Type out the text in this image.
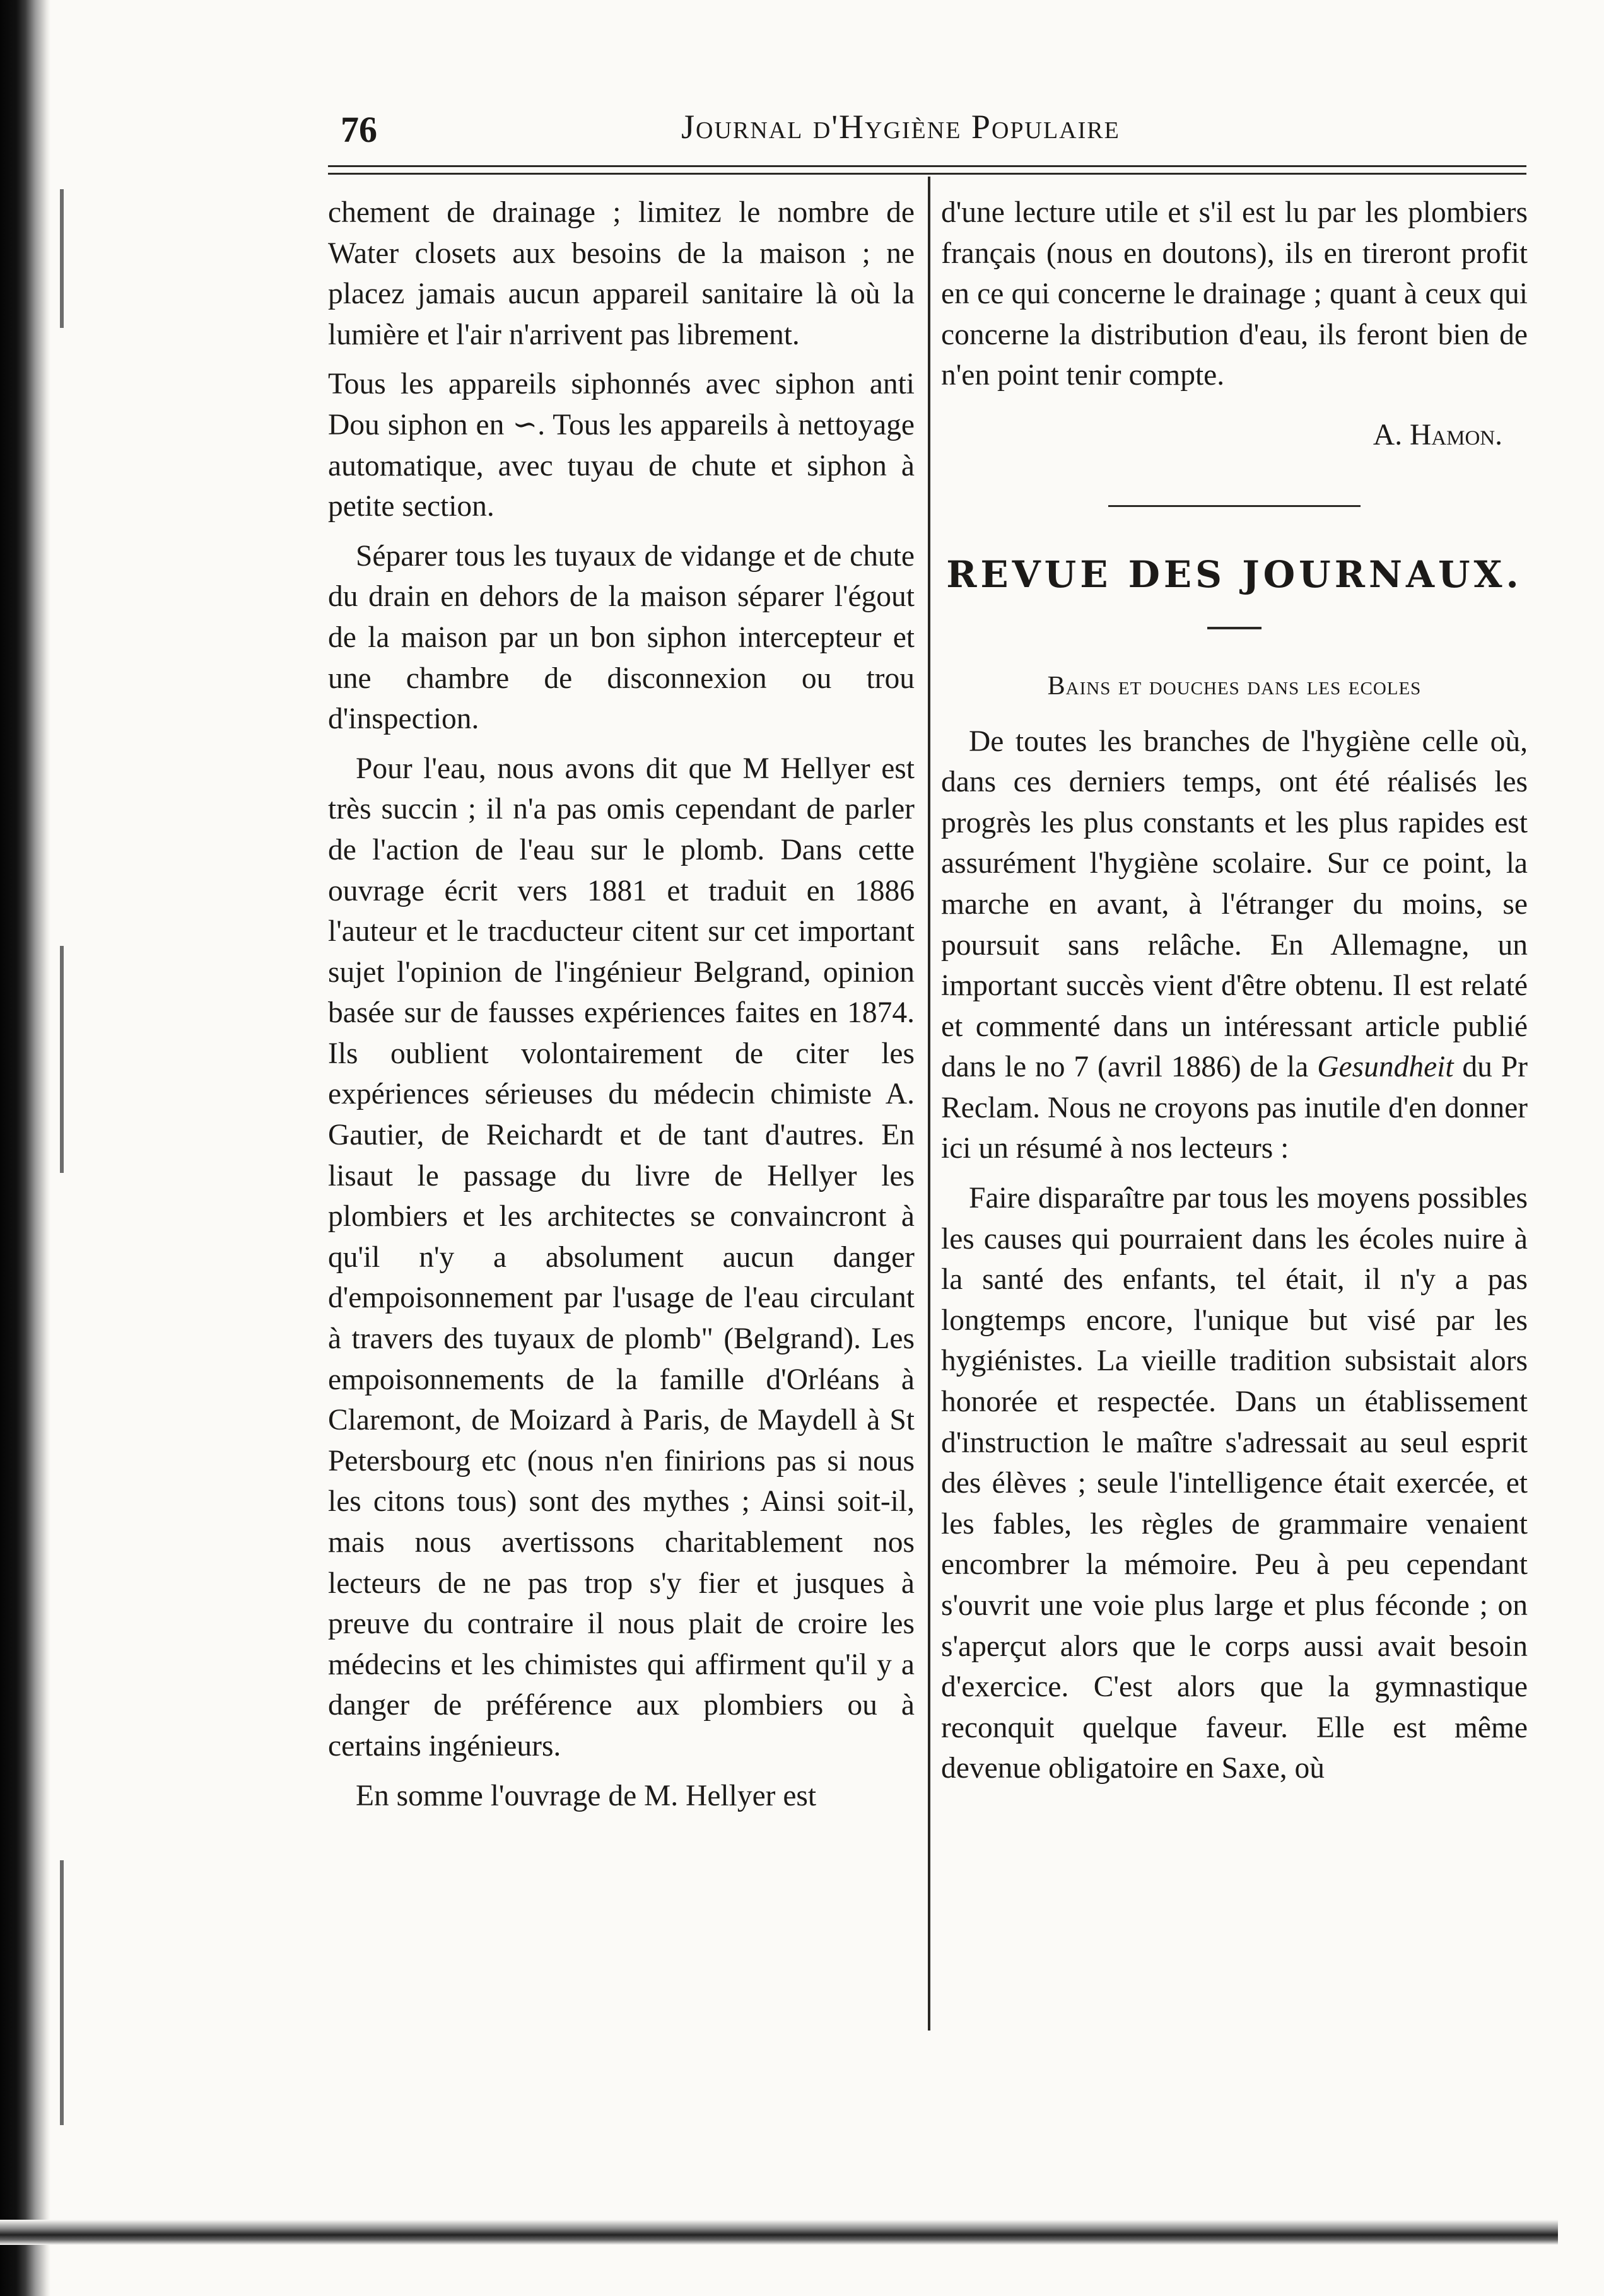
76	Journal d'Hygiène Populaire

chement de drainage ; limitez le nombre de Water closets aux besoins de la maison ; ne placez jamais aucun appareil sanitaire là où la lumière et l'air n'arrivent pas librement.

Tous les appareils siphonnés avec siphon anti Dou siphon en ∽. Tous les appareils à nettoyage automatique, avec tuyau de chute et siphon à petite section.

Séparer tous les tuyaux de vidange et de chute du drain en dehors de la maison séparer l'égout de la maison par un bon siphon intercepteur et une chambre de disconnexion ou trou d'inspection.

Pour l'eau, nous avons dit que M Hellyer est très succin ; il n'a pas omis cependant de parler de l'action de l'eau sur le plomb. Dans cette ouvrage écrit vers 1881 et traduit en 1886 l'auteur et le tracducteur citent sur cet important sujet l'opinion de l'ingénieur Belgrand, opinion basée sur de fausses expériences faites en 1874. Ils oublient volontairement de citer les expériences sérieuses du médecin chimiste A. Gautier, de Reichardt et de tant d'autres. En lisaut le passage du livre de Hellyer les plombiers et les architectes se convaincront à qu'il n'y a absolument aucun danger d'empoisonnement par l'usage de l'eau circulant à travers des tuyaux de plomb" (Belgrand). Les empoisonnements de la famille d'Orléans à Claremont, de Moizard à Paris, de Maydell à St Petersbourg etc (nous n'en finirions pas si nous les citons tous) sont des mythes ; Ainsi soit-il, mais nous avertissons charitablement nos lecteurs de ne pas trop s'y fier et jusques à preuve du contraire il nous plait de croire les médecins et les chimistes qui affirment qu'il y a danger de préférence aux plombiers ou à certains ingénieurs.

En somme l'ouvrage de M. Hellyer est

d'une lecture utile et s'il est lu par les plombiers français (nous en doutons), ils en tireront profit en ce qui concerne le drainage ; quant à ceux qui concerne la distribution d'eau, ils feront bien de n'en point tenir compte.

A. Hamon.
REVUE DES JOURNAUX.
Bains et douches dans les ecoles

De toutes les branches de l'hygiène celle où, dans ces derniers temps, ont été réalisés les progrès les plus constants et les plus rapides est assurément l'hygiène scolaire. Sur ce point, la marche en avant, à l'étranger du moins, se poursuit sans relâche. En Allemagne, un important succès vient d'être obtenu. Il est relaté et commenté dans un intéressant article publié dans le no 7 (avril 1886) de la Gesundheit du Pr Reclam. Nous ne croyons pas inutile d'en donner ici un résumé à nos lecteurs :

Faire disparaître par tous les moyens possibles les causes qui pourraient dans les écoles nuire à la santé des enfants, tel était, il n'y a pas longtemps encore, l'unique but visé par les hygiénistes. La vieille tradition subsistait alors honorée et respectée. Dans un établissement d'instruction le maître s'adressait au seul esprit des élèves ; seule l'intelligence était exercée, et les fables, les règles de grammaire venaient encombrer la mémoire. Peu à peu cependant s'ouvrit une voie plus large et plus féconde ; on s'aperçut alors que le corps aussi avait besoin d'exercice. C'est alors que la gymnastique reconquit quelque faveur. Elle est même devenue obligatoire en Saxe, où
